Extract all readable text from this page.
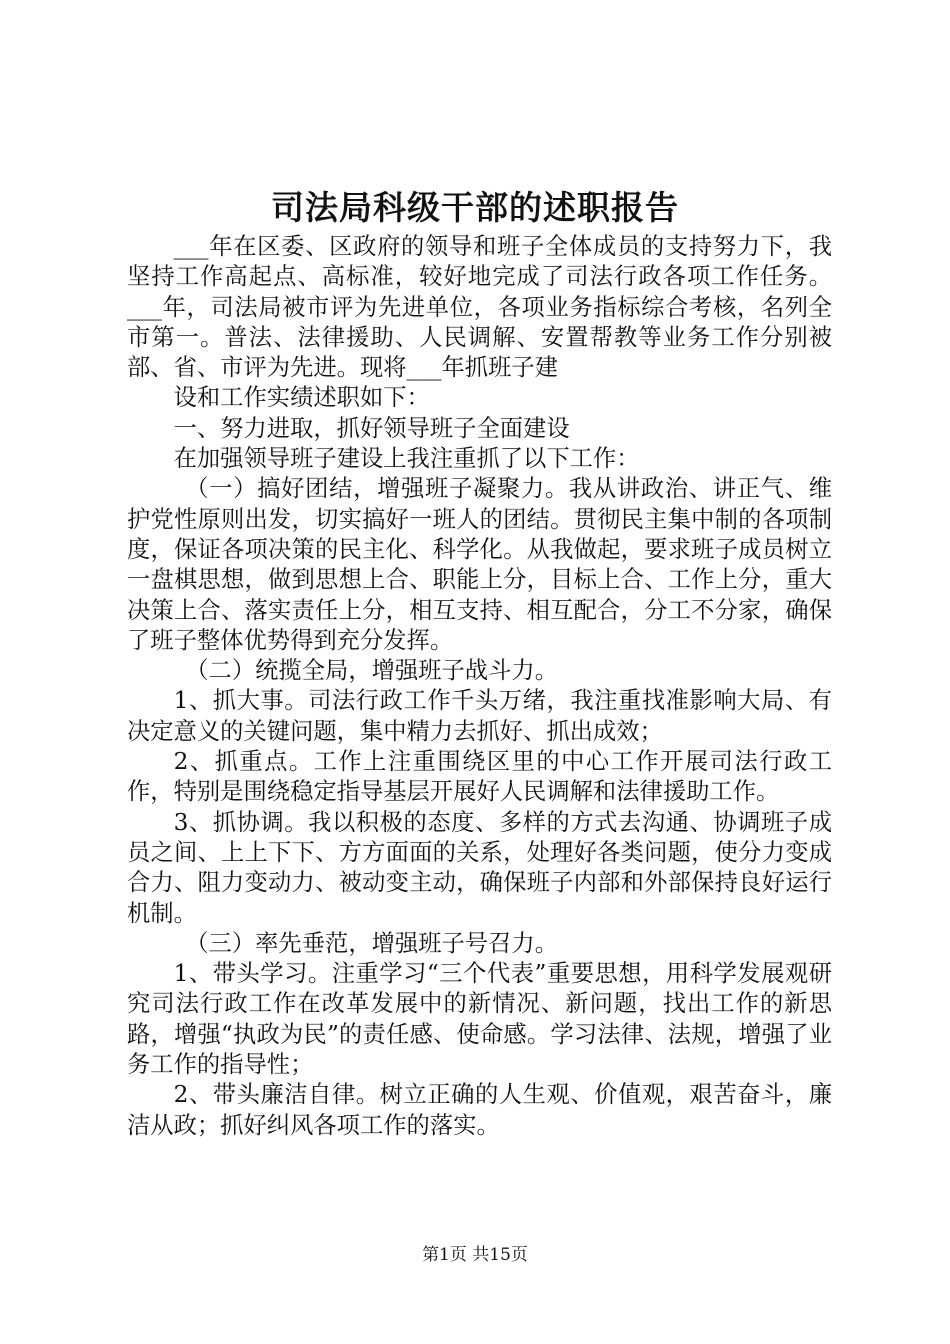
司法局科级干部的述职报告

___年在区委、区政府的领导和班子全体成员的支持努力下，我坚持工作高起点、高标准，较好地完成了司法行政各项工作任务。___年，司法局被市评为先进单位，各项业务指标综合考核，名列全市第一。普法、法律援助、人民调解、安置帮教等业务工作分别被部、省、市评为先进。现将___年抓班子建

设和工作实绩述职如下：

一、努力进取，抓好领导班子全面建设

在加强领导班子建设上我注重抓了以下工作：

（一）搞好团结，增强班子凝聚力。我从讲政治、讲正气、维护党性原则出发，切实搞好一班人的团结。贯彻民主集中制的各项制度，保证各项决策的民主化、科学化。从我做起，要求班子成员树立一盘棋思想，做到思想上合、职能上分，目标上合、工作上分，重大决策上合、落实责任上分，相互支持、相互配合，分工不分家，确保了班子整体优势得到充分发挥。

（二）统揽全局，增强班子战斗力。

1、抓大事。司法行政工作千头万绪，我注重找准影响大局、有决定意义的关键问题，集中精力去抓好、抓出成效；

2、抓重点。工作上注重围绕区里的中心工作开展司法行政工作，特别是围绕稳定指导基层开展好人民调解和法律援助工作。

3、抓协调。我以积极的态度、多样的方式去沟通、协调班子成员之间、上上下下、方方面面的关系，处理好各类问题，使分力变成合力、阻力变动力、被动变主动，确保班子内部和外部保持良好运行机制。

（三）率先垂范，增强班子号召力。

1、带头学习。注重学习“三个代表”重要思想，用科学发展观研究司法行政工作在改革发展中的新情况、新问题，找出工作的新思路，增强“执政为民”的责任感、使命感。学习法律、法规，增强了业务工作的指导性；

2、带头廉洁自律。树立正确的人生观、价值观，艰苦奋斗，廉洁从政；抓好纠风各项工作的落实。

第1页 共15页
